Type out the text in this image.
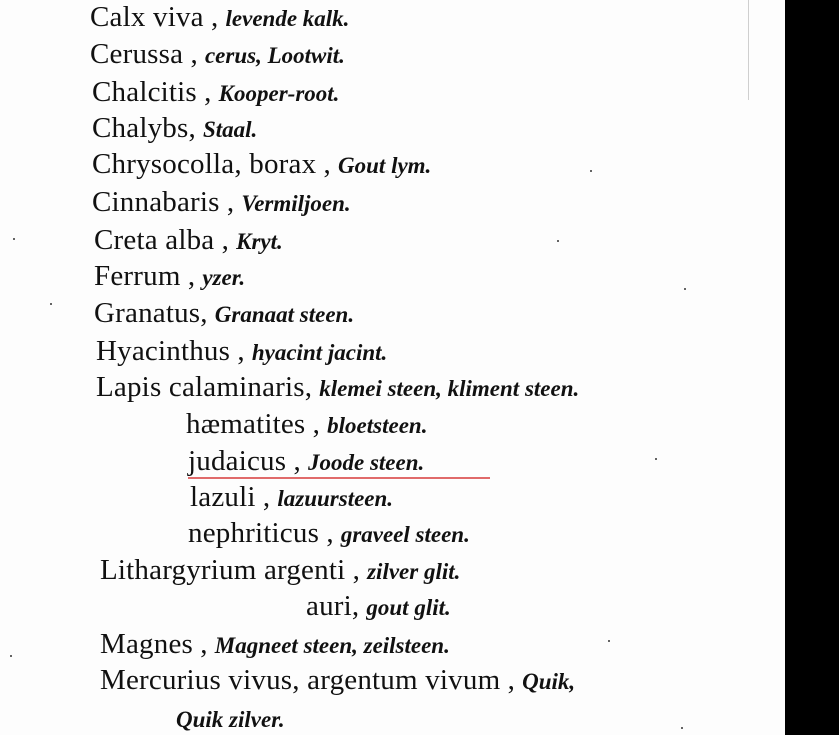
Calx viva , levende kalk.
Cerussa , cerus, Lootwit.
Chalcitis , Kooper-root.
Chalybs, Staal.
Chrysocolla, borax , Gout lym.
Cinnabaris , Vermiljoen.
Creta alba , Kryt.
Ferrum , yzer.
Granatus, Granaat steen.
Hyacinthus , hyacint jacint.
Lapis calaminaris, klemei steen, kliment steen.
hæmatites , bloetsteen.
judaicus , Joode steen.
lazuli , lazuursteen.
nephriticus , graveel steen.
Lithargyrium argenti , zilver glit.
auri, gout glit.
Magnes , Magneet steen, zeilsteen.
Mercurius vivus, argentum vivum , Quik,
Quik zilver.
